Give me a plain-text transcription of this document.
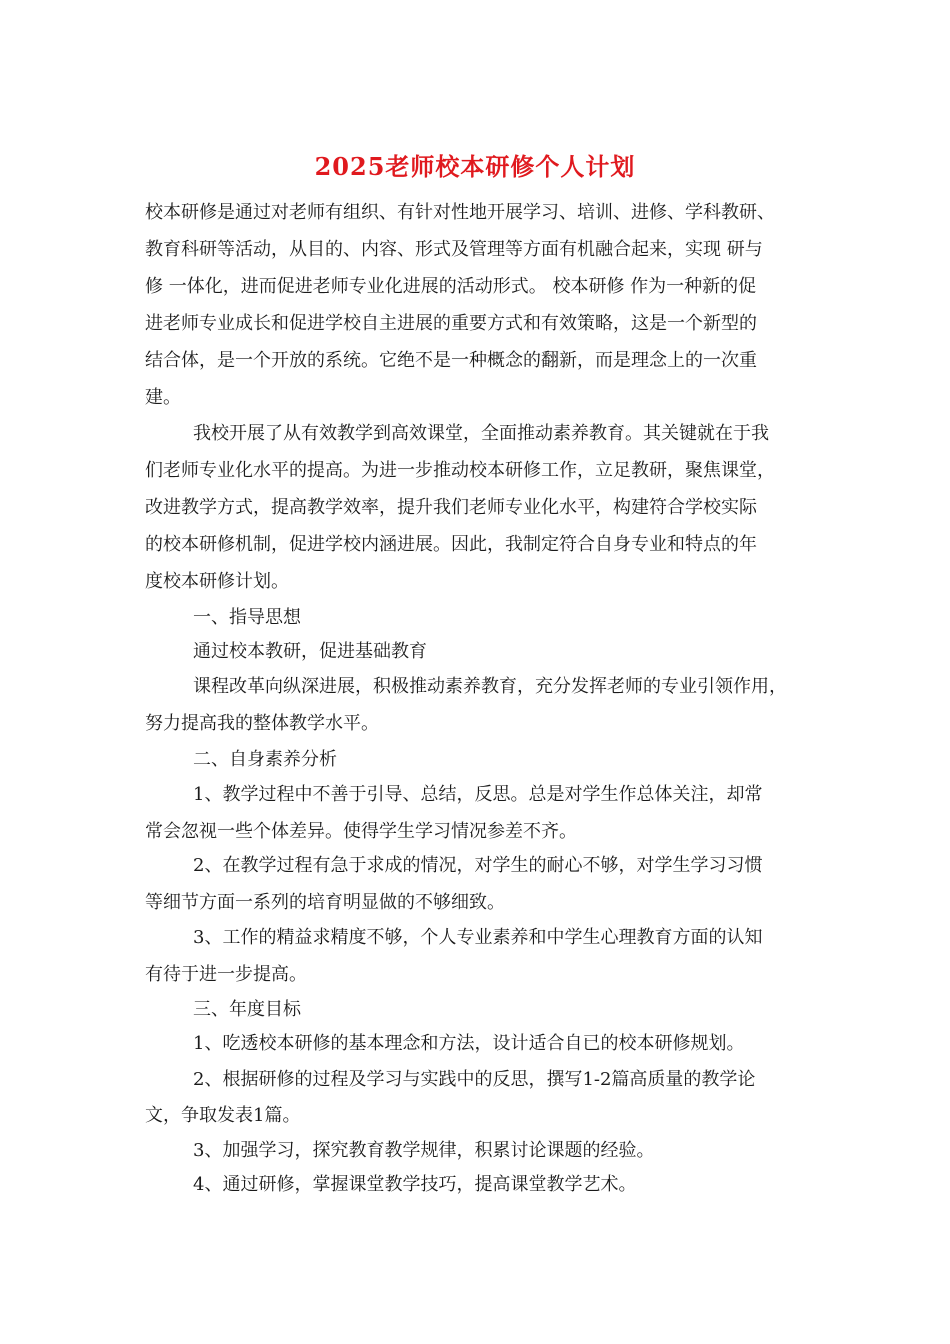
2025老师校本研修个人计划
校本研修是通过对老师有组织、有针对性地开展学习、培训、进修、学科教研、
教育科研等活动，从目的、内容、形式及管理等方面有机融合起来，实现 研与
修 一体化，进而促进老师专业化进展的活动形式。 校本研修 作为一种新的促
进老师专业成长和促进学校自主进展的重要方式和有效策略，这是一个新型的
结合体，是一个开放的系统。它绝不是一种概念的翻新，而是理念上的一次重
建。
我校开展了从有效教学到高效课堂，全面推动素养教育。其关键就在于我
们老师专业化水平的提高。为进一步推动校本研修工作，立足教研，聚焦课堂，
改进教学方式，提高教学效率，提升我们老师专业化水平，构建符合学校实际
的校本研修机制，促进学校内涵进展。因此，我制定符合自身专业和特点的年
度校本研修计划。
一、指导思想
通过校本教研，促进基础教育
课程改革向纵深进展，积极推动素养教育，充分发挥老师的专业引领作用，
努力提高我的整体教学水平。
二、自身素养分析
1、教学过程中不善于引导、总结，反思。总是对学生作总体关注，却常
常会忽视一些个体差异。使得学生学习情况参差不齐。
2、在教学过程有急于求成的情况，对学生的耐心不够，对学生学习习惯
等细节方面一系列的培育明显做的不够细致。
3、工作的精益求精度不够，个人专业素养和中学生心理教育方面的认知
有待于进一步提高。
三、年度目标
1、吃透校本研修的基本理念和方法，设计适合自已的校本研修规划。
2、根据研修的过程及学习与实践中的反思，撰写1-2篇高质量的教学论
文，争取发表1篇。
3、加强学习，探究教育教学规律，积累讨论课题的经验。
4、通过研修，掌握课堂教学技巧，提高课堂教学艺术。
